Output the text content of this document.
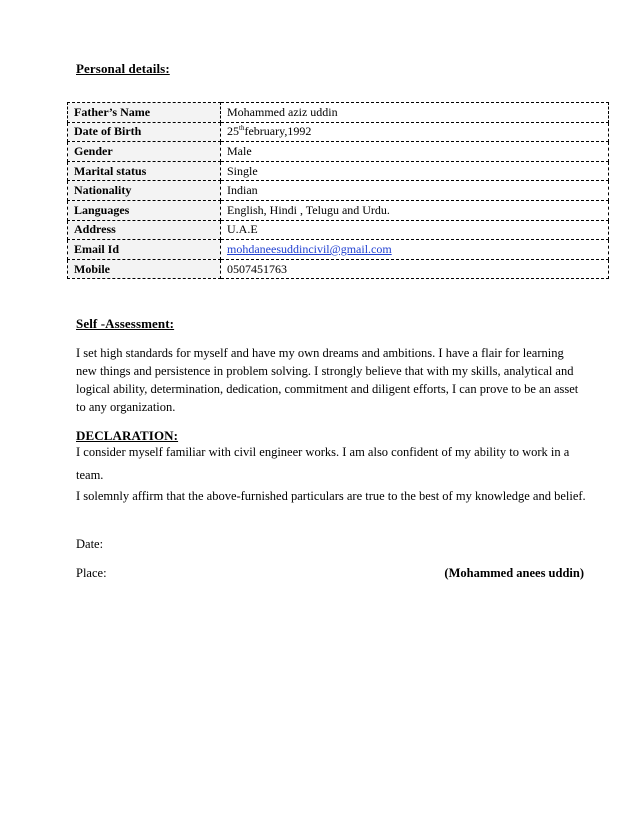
Personal details:
Father’s Name	Mohammed aziz uddin
Date of Birth	25thfebruary,1992
Gender	Male
Marital status	Single
Nationality	Indian
Languages	English, Hindi , Telugu and Urdu.
Address	U.A.E
Email Id	mohdaneesuddincivil@gmail.com
Mobile	0507451763
Self -Assessment:
I set high standards for myself and have my own dreams and ambitions. I have a flair for learning
new things and persistence in problem solving. I strongly believe that with my skills, analytical and
logical ability, determination, dedication, commitment and diligent efforts, I can prove to be an asset
to any organization.
DECLARATION:
I consider myself familiar with civil engineer works. I am also confident of my ability to work in a
team.
I solemnly affirm that the above-furnished particulars are true to the best of my knowledge and belief.
Date:
Place:	(Mohammed anees uddin)
